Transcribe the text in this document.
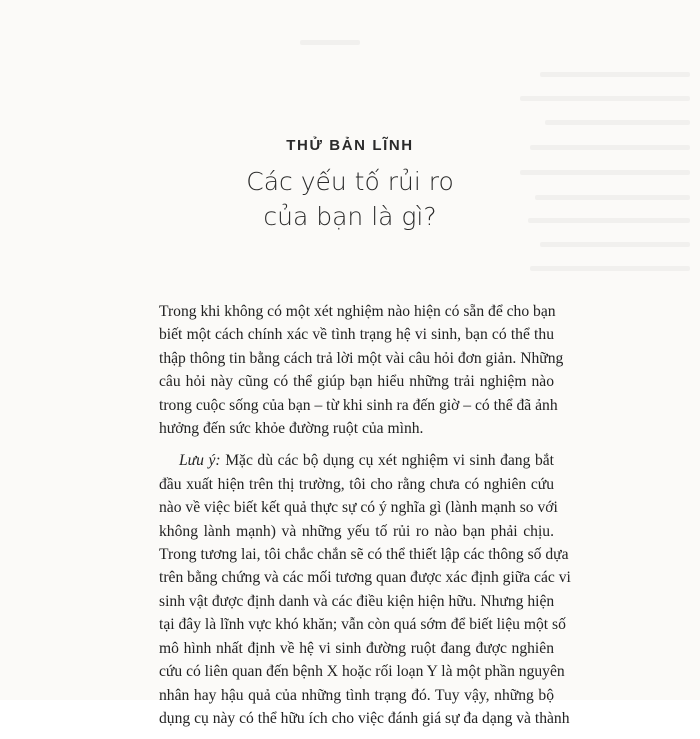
THỬ BẢN LĨNH
Các yếu tố rủi ro
của bạn là gì?
Trong khi không có một xét nghiệm nào hiện có sẵn để cho bạn
biết một cách chính xác về tình trạng hệ vi sinh, bạn có thể thu
thập thông tin bằng cách trả lời một vài câu hỏi đơn giản. Những
câu hỏi này cũng có thể giúp bạn hiểu những trải nghiệm nào
trong cuộc sống của bạn – từ khi sinh ra đến giờ – có thể đã ảnh
hưởng đến sức khỏe đường ruột của mình.
Lưu ý: Mặc dù các bộ dụng cụ xét nghiệm vi sinh đang bắt
đầu xuất hiện trên thị trường, tôi cho rằng chưa có nghiên cứu
nào về việc biết kết quả thực sự có ý nghĩa gì (lành mạnh so với
không lành mạnh) và những yếu tố rủi ro nào bạn phải chịu.
Trong tương lai, tôi chắc chắn sẽ có thể thiết lập các thông số dựa
trên bằng chứng và các mối tương quan được xác định giữa các vi
sinh vật được định danh và các điều kiện hiện hữu. Nhưng hiện
tại đây là lĩnh vực khó khăn; vẫn còn quá sớm để biết liệu một số
mô hình nhất định về hệ vi sinh đường ruột đang được nghiên
cứu có liên quan đến bệnh X hoặc rối loạn Y là một phần nguyên
nhân hay hậu quả của những tình trạng đó. Tuy vậy, những bộ
dụng cụ này có thể hữu ích cho việc đánh giá sự đa dạng và thành
